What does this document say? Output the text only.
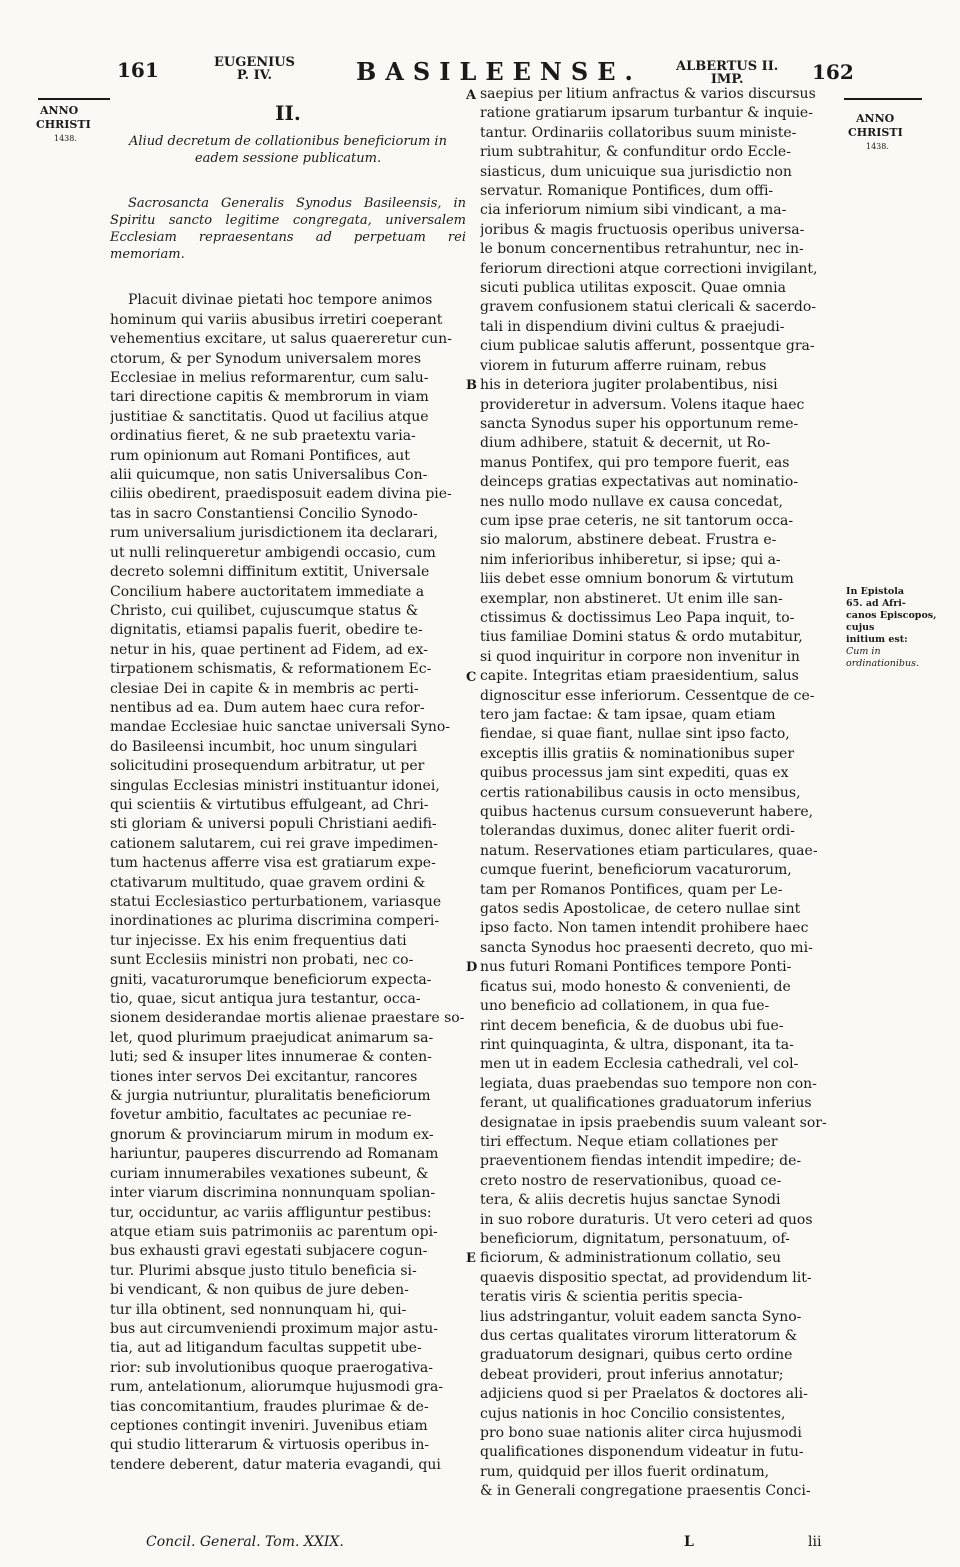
161	EUGENIUS
P. IV.	BASILEENSE.	ALBERTUS II.
IMP.	162
ANNO
CHRISTI
1438.
ANNO
CHRISTI
1438.
II.
Aliud decretum de collationibus beneficiorum in eadem sessione publicatum.
Sacrosancta Generalis Synodus Basileensis, in Spiritu sancto legitime congregata, universalem Ecclesiam repraesentans ad perpetuam rei memoriam.
Placuit divinae pietati hoc tempore animos
hominum qui variis abusibus irretiri coeperant
vehementius excitare, ut salus quaereretur cun-
ctorum, & per Synodum universalem mores
Ecclesiae in melius reformarentur, cum salu-
tari directione capitis & membrorum in viam
justitiae & sanctitatis. Quod ut facilius atque
ordinatius fieret, & ne sub praetextu varia-
rum opinionum aut Romani Pontifices, aut
alii quicumque, non satis Universalibus Con-
ciliis obedirent, praedisposuit eadem divina pie-
tas in sacro Constantiensi Concilio Synodo-
rum universalium jurisdictionem ita declarari,
ut nulli relinqueretur ambigendi occasio, cum
decreto solemni diffinitum extitit, Universale
Concilium habere auctoritatem immediate a
Christo, cui quilibet, cujuscumque status &
dignitatis, etiamsi papalis fuerit, obedire te-
netur in his, quae pertinent ad Fidem, ad ex-
tirpationem schismatis, & reformationem Ec-
clesiae Dei in capite & in membris ac perti-
nentibus ad ea. Dum autem haec cura refor-
mandae Ecclesiae huic sanctae universali Syno-
do Basileensi incumbit, hoc unum singulari
solicitudini prosequendum arbitratur, ut per
singulas Ecclesias ministri instituantur idonei,
qui scientiis & virtutibus effulgeant, ad Chri-
sti gloriam & universi populi Christiani aedifi-
cationem salutarem, cui rei grave impedimen-
tum hactenus afferre visa est gratiarum expe-
ctativarum multitudo, quae gravem ordini &
statui Ecclesiastico perturbationem, variasque
inordinationes ac plurima discrimina comperi-
tur injecisse. Ex his enim frequentius dati
sunt Ecclesiis ministri non probati, nec co-
gniti, vacaturorumque beneficiorum expecta-
tio, quae, sicut antiqua jura testantur, occa-
sionem desiderandae mortis alienae praestare so-
let, quod plurimum praejudicat animarum sa-
luti; sed & insuper lites innumerae & conten-
tiones inter servos Dei excitantur, rancores
& jurgia nutriuntur, pluralitatis beneficiorum
fovetur ambitio, facultates ac pecuniae re-
gnorum & provinciarum mirum in modum ex-
hariuntur, pauperes discurrendo ad Romanam
curiam innumerabiles vexationes subeunt, &
inter viarum discrimina nonnunquam spolian-
tur, occiduntur, ac variis affliguntur pestibus:
atque etiam suis patrimoniis ac parentum opi-
bus exhausti gravi egestati subjacere cogun-
tur. Plurimi absque justo titulo beneficia si-
bi vendicant, & non quibus de jure deben-
tur illa obtinent, sed nonnunquam hi, qui-
bus aut circumveniendi proximum major astu-
tia, aut ad litigandum facultas suppetit ube-
rior: sub involutionibus quoque praerogativa-
rum, antelationum, aliorumque hujusmodi gra-
tias concomitantium, fraudes plurimae & de-
ceptiones contingit inveniri. Juvenibus etiam
qui studio litterarum & virtuosis operibus in-
tendere deberent, datur materia evagandi, qui
saepius per litium anfractus & varios discursus
ratione gratiarum ipsarum turbantur & inquie-
tantur. Ordinariis collatoribus suum ministe-
rium subtrahitur, & confunditur ordo Eccle-
siasticus, dum unicuique sua jurisdictio non
servatur. Romanique Pontifices, dum offi-
cia inferiorum nimium sibi vindicant, a ma-
joribus & magis fructuosis operibus universa-
le bonum concernentibus retrahuntur, nec in-
feriorum directioni atque correctioni invigilant,
sicuti publica utilitas exposcit. Quae omnia
gravem confusionem statui clericali & sacerdo-
tali in dispendium divini cultus & praejudi-
cium publicae salutis afferunt, possentque gra-
viorem in futurum afferre ruinam, rebus
his in deteriora jugiter prolabentibus, nisi
provideretur in adversum. Volens itaque haec
sancta Synodus super his opportunum reme-
dium adhibere, statuit & decernit, ut Ro-
manus Pontifex, qui pro tempore fuerit, eas
deinceps gratias expectativas aut nominatio-
nes nullo modo nullave ex causa concedat,
cum ipse prae ceteris, ne sit tantorum occa-
sio malorum, abstinere debeat. Frustra e-
nim inferioribus inhiberetur, si ipse; qui a-
liis debet esse omnium bonorum & virtutum
exemplar, non abstineret. Ut enim ille san-
ctissimus & doctissimus Leo Papa inquit, to-
tius familiae Domini status & ordo mutabitur,
si quod inquiritur in corpore non invenitur in
capite. Integritas etiam praesidentium, salus
dignoscitur esse inferiorum. Cessentque de ce-
tero jam factae: & tam ipsae, quam etiam
fiendae, si quae fiant, nullae sint ipso facto,
exceptis illis gratiis & nominationibus super
quibus processus jam sint expediti, quas ex
certis rationabilibus causis in octo mensibus,
quibus hactenus cursum consueverunt habere,
tolerandas duximus, donec aliter fuerit ordi-
natum. Reservationes etiam particulares, quae-
cumque fuerint, beneficiorum vacaturorum,
tam per Romanos Pontifices, quam per Le-
gatos sedis Apostolicae, de cetero nullae sint
ipso facto. Non tamen intendit prohibere haec
sancta Synodus hoc praesenti decreto, quo mi-
nus futuri Romani Pontifices tempore Ponti-
ficatus sui, modo honesto & convenienti, de
uno beneficio ad collationem, in qua fue-
rint decem beneficia, & de duobus ubi fue-
rint quinquaginta, & ultra, disponant, ita ta-
men ut in eadem Ecclesia cathedrali, vel col-
legiata, duas praebendas suo tempore non con-
ferant, ut qualificationes graduatorum inferius
designatae in ipsis praebendis suum valeant sor-
tiri effectum. Neque etiam collationes per
praeventionem fiendas intendit impedire; de-
creto nostro de reservationibus, quoad ce-
tera, & aliis decretis hujus sanctae Synodi
in suo robore duraturis. Ut vero ceteri ad quos
beneficiorum, dignitatum, personatuum, of-
ficiorum, & administrationum collatio, seu
quaevis dispositio spectat, ad providendum lit-
teratis viris & scientia peritis specia-
lius adstringantur, voluit eadem sancta Syno-
dus certas qualitates virorum litteratorum &
graduatorum designari, quibus certo ordine
debeat provideri, prout inferius annotatur;
adjiciens quod si per Praelatos & doctores ali-
cujus nationis in hoc Concilio consistentes,
pro bono suae nationis aliter circa hujusmodi
qualificationes disponendum videatur in futu-
rum, quidquid per illos fuerit ordinatum,
& in Generali congregatione praesentis Conci-
A
B
C
D
E
In Epistola
65. ad Afri-
canos Episcopos, cujus
initium est:
Cum in ordinationibus.
Concil. General. Tom. XXIX.	L	lii
